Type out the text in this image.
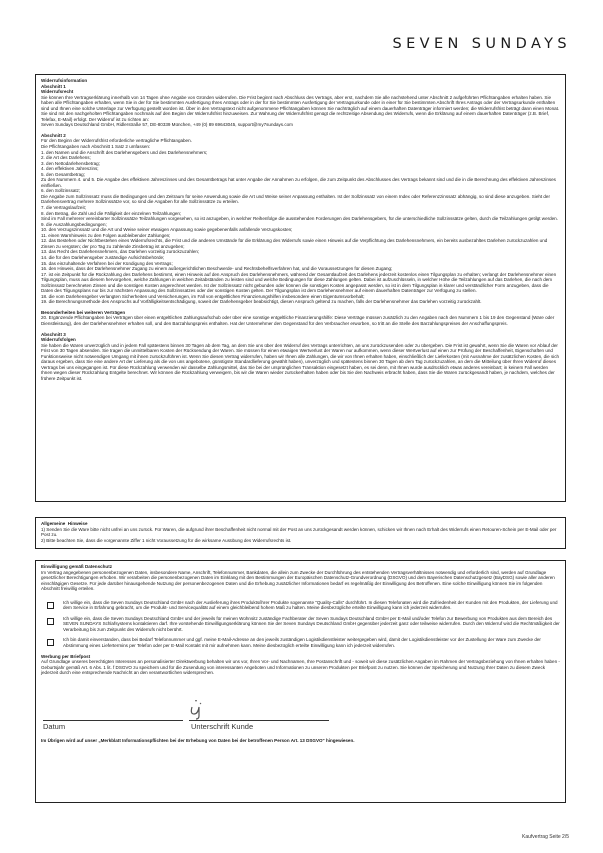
SEVEN SUNDAYS

Widerrufsinformation

Abschnitt 1

Widerrufsrecht

Sie können Ihre Vertragserklärung innerhalb von 14 Tagen ohne Angabe von Gründen widerrufen. Die Frist beginnt nach Abschluss des Vertrags, aber erst, nachdem Sie alle nachstehend unter Abschnitt 2 aufgeführten Pflichtangaben erhalten haben. Sie haben alle Pflichtangaben erhalten, wenn Sie in der für Sie bestimmten Ausfertigung Ihres Antrags oder in der für Sie bestimmten Ausfertigung der Vertragsurkunde oder in einer für Sie bestimmten Abschrift Ihres Antrags oder der Vertragsurkunde enthalten sind und Ihnen eine solche Unterlage zur Verfügung gestellt worden ist. Über in den Vertragstext nicht aufgenommene Pflichtangaben können Sie nachträglich auf einem dauerhaften Datenträger informiert werden; die Widerrufsfrist beträgt dann einen Monat. Sie sind mit den nachgeholten Pflichtangaben nochmals auf den Beginn der Widerrufsfrist hinzuweisen. Zur Wahrung der Widerrufsfrist genügt die rechtzeitige Absendung des Widerrufs, wenn die Erklärung auf einem dauerhaften Datenträger (z.B. Brief, Telefax, E-Mail) erfolgt. Der Widerruf ist zu richten an:

Seven Sundays Deutschland GmbH, Ridlerstraße 57, DE-80339 München, +49 (0) 89 69643045, support@my7sundays.com

Abschnitt 2

Für den Beginn der Widerrufsfrist erforderliche vertragliche Pflichtangaben.

Die Pflichtangaben nach Abschnitt 1 Satz 2 umfassen:

1. den Namen und die Anschrift des Darlehensgebers und des Darlehensnehmers;

2. die Art des Darlehens;

3. den Nettodarlehensbetrag;

4. den effektiven Jahreszins;

5. den Gesamtbetrag;

Zu den Nummern 4. und 5. Die Angabe des effektiven Jahreszinses und des Gesamtbetrags hat unter Angabe der Annahmen zu erfolgen, die zum Zeitpunkt des Abschlusses des Vertrags bekannt sind und die in die Berechnung des effektiven Jahreszinses einfließen.

6. den Sollzinssatz;

Die Angabe zum Sollzinssatz muss die Bedingungen und den Zeitraum für seine Anwendung sowie die Art und Weise seiner Anpassung enthalten. Ist der Sollzinssatz von einem Index oder Referenzzinssatz abhängig, so sind diese anzugeben. Sieht der Darlehensvertrag mehrere Sollzinssätze vor, so sind die Angaben für alle Sollzinssätze zu erteilen.

7. die Vertragslaufzeit;

8. den Betrag, die Zahl und die Fälligkeit der einzelnen Teilzahlungen;

Sind im Fall mehrerer vereinbarter Sollzinssätze Teilzahlungen vorgesehen, so ist anzugeben, in welcher Reihenfolge die ausstehenden Forderungen des Darlehensgebers, für die unterschiedliche Sollzinssätze gelten, durch die Teilzahlungen getilgt werden.

9. die Auszahlungsbedingungen;

10. den Verzugszinssatz und die Art und Weise seiner etwaigen Anpassung sowie gegebenenfalls anfallende Verzugskosten;

11. einen Warnhinweis zu den Folgen ausbleibender Zahlungen;

12. das Bestehen oder Nichtbestehen eines Widerrufsrechts, die Frist und die anderen Umstände für die Erklärung des Widerrufs sowie einen Hinweis auf die Verpflichtung des Darlehensnehmers, ein bereits ausbezahltes Darlehen zurückzuzahlen und Zinsen zu vergüten; der pro Tag zu zahlende Zinsbetrag ist anzugeben;

13. das Recht des Darlehensnehmers, das Darlehen vorzeitig zurückzuzahlen;

14. die für den Darlehensgeber zuständige Aufsichtsbehörde;

15. das einzuhaltende Verfahren bei der Kündigung des Vertrags;

16. den Hinweis, dass der Darlehensnehmer Zugang zu einem außergerichtlichen Beschwerde- und Rechtsbehelfsverfahren hat, und die Voraussetzungen für diesen Zugang;

17. ist ein Zeitpunkt für die Rückzahlung des Darlehens bestimmt, einen Hinweis auf den Anspruch des Darlehensnehmers, während der Gesamtlaufzeit des Darlehens jederzeit kostenlos einen Tilgungsplan zu erhalten; verlangt der Darlehensnehmer einen Tilgungsplan, muss aus diesem hervorgehen, welche Zahlungen in welchen Zeitabständen zu leisten sind und welche Bedingungen für diese Zahlungen gelten. Dabei ist aufzuschlüsseln, in welcher Höhe die Teilzahlungen auf das Darlehen, die nach dem Sollzinssatz berechneten Zinsen und die sonstigen Kosten angerechnet werden. Ist der Sollzinssatz nicht gebunden oder können die sonstigen Kosten angepasst werden, so ist in dem Tilgungsplan in klarer und verständlicher Form anzugeben, dass die Daten des Tilgungsplans nur bis zur nächsten Anpassung des Sollzinssatzes oder der sonstigen Kosten gelten. Der Tilgungsplan ist dem Darlehensnehmer auf einem dauerhaften Datenträger zur Verfügung zu stellen.

18. die vom Darlehensgeber verlangten Sicherheiten und Versicherungen, im Fall von entgeltlichen Finanzierungshilfen insbesondere einen Eigentumsvorbehalt;

19. die Berechnungsmethode des Anspruchs auf Vorfälligkeitsentschädigung, soweit der Darlehensgeber beabsichtigt, diesen Anspruch geltend zu machen, falls der Darlehensnehmer das Darlehen vorzeitig zurückzahlt.

Besonderheiten bei weiteren Verträgen

20. Ergänzende Pflichtangaben bei Verträgen über einen entgeltlichen Zahlungsaufschub oder über eine sonstige entgeltliche Finanzierungshilfe: Diese Verträge müssen zusätzlich zu den Angaben nach den Nummern 1 bis 19 den Gegenstand (Ware oder Dienstleistung), den der Darlehensnehmer erhalten soll, und den Barzahlungspreis enthalten. Hat der Unternehmer den Gegenstand für den Verbraucher erworben, so tritt an die Stelle des Barzahlungspreises der Anschaffungspreis.

Abschnitt 3

Widerrufsfolgen

Sie haben die Waren unverzüglich und in jedem Fall spätestens binnen 30 Tagen ab dem Tag, an dem Sie uns über den Widerruf des Vertrags unterrichten, an uns zurückzusenden oder zu übergeben. Die Frist ist gewahrt, wenn Sie die Waren vor Ablauf der Frist von 30 Tagen absenden. Sie tragen die unmittelbaren Kosten der Rücksendung der Waren. Sie müssen für einen etwaigen Wertverlust der Waren nur aufkommen, wenn dieser Wertverlust auf einen zur Prüfung der Beschaffenheit, Eigenschaften und Funktionsweise nicht notwendigen Umgang mit ihnen zurückzuführen ist. Wenn Sie diesen Vertrag widerrufen, haben wir Ihnen alle Zahlungen, die wir von Ihnen erhalten haben, einschließlich der Lieferkosten (mit Ausnahme der zusätzlichen Kosten, die sich daraus ergeben, dass Sie eine andere Art der Lieferung als die von uns angebotene, günstigste Standardlieferung gewählt haben), unverzüglich und spätestens binnen 30 Tagen ab dem Tag zurückzuzahlen, an dem die Mitteilung über Ihren Widerruf dieses Vertrags bei uns eingegangen ist. Für diese Rückzahlung verwenden wir dasselbe Zahlungsmittel, das Sie bei der ursprünglichen Transaktion eingesetzt haben, es sei denn, mit Ihnen wurde ausdrücklich etwas anderes vereinbart; in keinem Fall werden Ihnen wegen dieser Rückzahlung Entgelte berechnet. Wir können die Rückzahlung verweigern, bis wir die Waren wieder zurückerhalten haben oder bis Sie den Nachweis erbracht haben, dass Sie die Waren zurückgesandt haben, je nachdem, welches der frühere Zeitpunkt ist.

Allgemeine  Hinweise

1) Senden Sie die Ware bitte nicht unfrei an uns zurück. Für Waren, die aufgrund ihrer Beschaffenheit nicht normal mit der Post an uns zurückgesandt werden können, schicken wir Ihnen nach Erhalt des Widerrufs einen Retouren-Schein per E-Mail oder per Post zu.

2) Bitte beachten Sie, dass die vorgenannte Ziffer 1 nicht Voraussetzung für die wirksame Ausübung des Widerrufsrechts ist.

Einwilligung gemäß Datenschutz

Im Vertrag angegebenen personenbezogenen Daten, insbesondere Name, Anschrift, Telefonnummer, Bankdaten, die allein zum Zwecke der Durchführung des entstehenden Vertragsverhältnisses notwendig und erforderlich sind, werden auf Grundlage gesetzlicher Berechtigungen erhoben. Wir verarbeiten die personenbezogenen Daten im Einklang mit den Bestimmungen der Europäischen Datenschutz-Grundverordnung (DSGVO) und dem Bayerischen Datenschutzgesetz (BayDSG) sowie aller anderen einschlägigen Gesetze. Für jede darüber hinausgehende Nutzung der personenbezogenen Daten und die Erhebung zusätzlicher Informationen bedarf es regelmäßig der Einwilligung des Betroffenen. Eine solche Einwilligung können Sie im folgenden Abschnitt freiwillig erteilen.

Ich willige ein, dass die Seven Sundays Deutschland GmbH nach der Auslieferung ihres Produkts/ihrer Produkte sogenannte "Quality-Calls" durchführt. In diesen Telefonaten wird die Zufriedenheit der Kunden mit den Produkten, der Lieferung und dem Service in Erfahrung gebracht, um die Produkt- und Servicequalität auf einem gleichbleibend hohem Maß zu halten. Meine diesbezügliche erteilte Einwilligung kann ich jederzeit widerrufen.

Ich willige ein, dass die Seven Sundays Deutschland GmbH und der jeweils für meinen Wohnsitz zuständige Fachberater der Seven Sundays Deutschland GmbH per E-Mail und/oder Telefon zur Bewerbung von Produkten aus dem Bereich des SEVEN SUNDAYS Schlafsystems kontaktieren darf. Ihre vorstehende Einwilligungserklärung können Sie der Seven Sundays Deutschland GmbH gegenüber jederzeit ganz oder teilweise widerrufen. Durch den Widerruf wird die Rechtmäßigkeit der Verarbeitung bis zum Zeitpunkt des Widerrufs nicht berührt.

Ich bin damit einverstanden, dass bei Bedarf Telefonnummer und ggf. meine E-Mail-Adresse an den jeweils zuständigen Logistikdienstleister weitergegeben wird, damit der Logistikdienstleister vor der Zustellung der Ware zum Zwecke der Abstimmung eines Liefertermins per Telefon oder per E-Mail Kontakt mit mir aufnehmen kann. Meine diesbezüglich erteilte Einwilligung kann ich jederzeit widerrufen.

Werbung per Briefpost

Auf Grundlage unseres berechtigten Interesses an personalisierter Direktwerbung behalten wir uns vor, Ihren Vor- und Nachnamen, Ihre Postanschrift und - soweit wir diese zusätzlichen Angaben im Rahmen der Vertragsbeziehung von Ihnen erhalten haben - Geburtsjahr gemäß Art. 6 Abs. 1 lit. f DSGVO zu speichern und für die Zusendung von interessanten Angeboten und Informationen zu unseren Produkten per Briefpost zu nutzen. Sie können der Speicherung und Nutzung Ihrer Daten zu diesem Zweck jederzeit durch eine entsprechende Nachricht an den verantwortlichen widersprechen.

Datum	Unterschrift Kunde

Im Übrigen wird auf unser „Merkblatt Informationspflichten bei der Erhebung von Daten bei der betroffenen Person Art. 13 DSGVO" hingewiesen.

Kaufvertrag Seite 2/5
